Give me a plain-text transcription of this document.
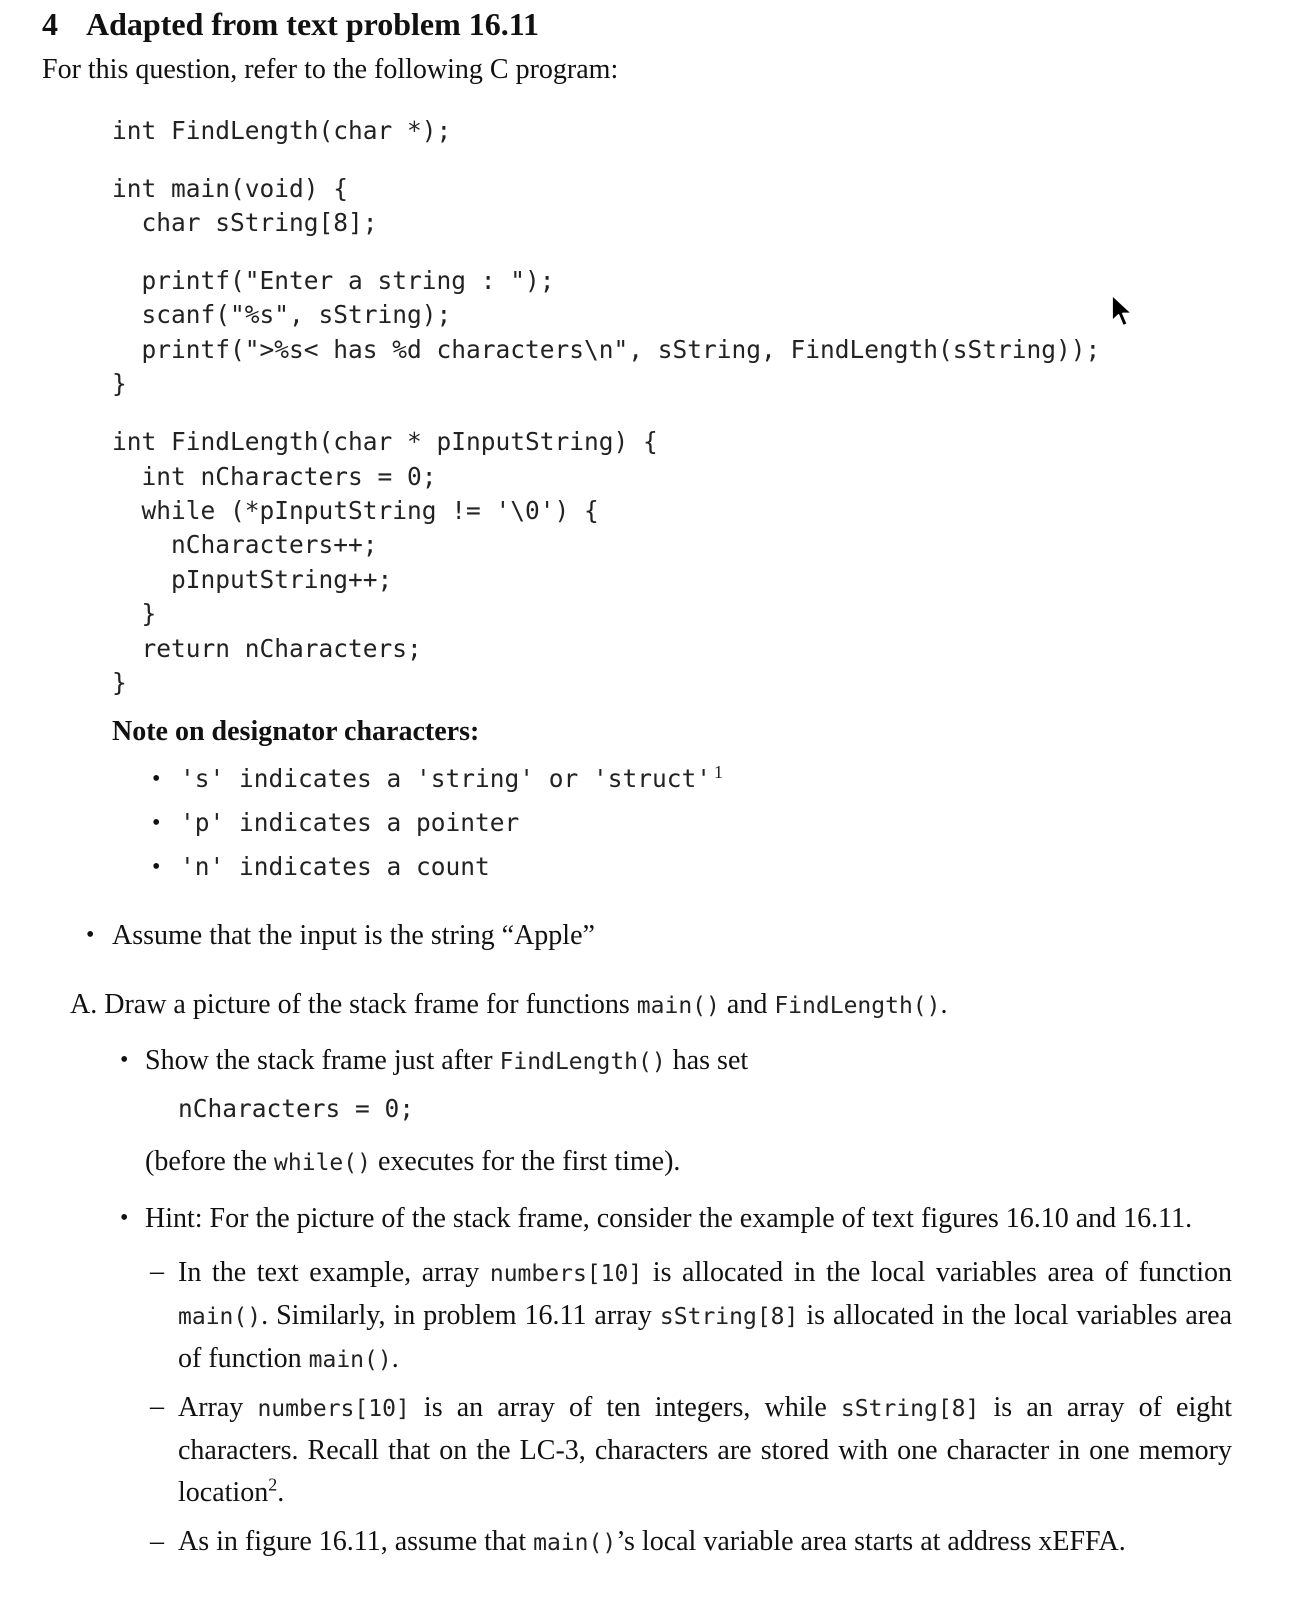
4 Adapted from text problem 16.11
For this question, refer to the following C program:
int FindLength(char *);
int main(void) {
char sString[8];
printf("Enter a string : ");
scanf("%s", sString);
printf(">%s< has %d characters\n", sString, FindLength(sString));
}
int FindLength(char * pInputString) {
int nCharacters = 0;
while (*pInputString != '\0') {
nCharacters++;
pInputString++;
}
return nCharacters;
}
Note on designator characters:
• 's' indicates a 'string' or 'struct' $^1$
• 'p' indicates a pointer
• 'n' indicates a count
• Assume that the input is the string “Apple”
A. Draw a picture of the stack frame for functions main() and FindLength().
• Show the stack frame just after FindLength() has set
nCharacters = 0;
(before the while() executes for the first time).
• Hint: For the picture of the stack frame, consider the example of text figures 16.10 and 16.11.
– In the text example, array numbers[10] is allocated in the local variables area of function main(). Similarly, in problem 16.11 array sString[8] is allocated in the local variables area of function main().
– Array numbers[10] is an array of ten integers, while sString[8] is an array of eight characters. Recall that on the LC-3, characters are stored with one character in one memory location$^2$.
– As in figure 16.11, assume that main()’s local variable area starts at address xEFFA.
